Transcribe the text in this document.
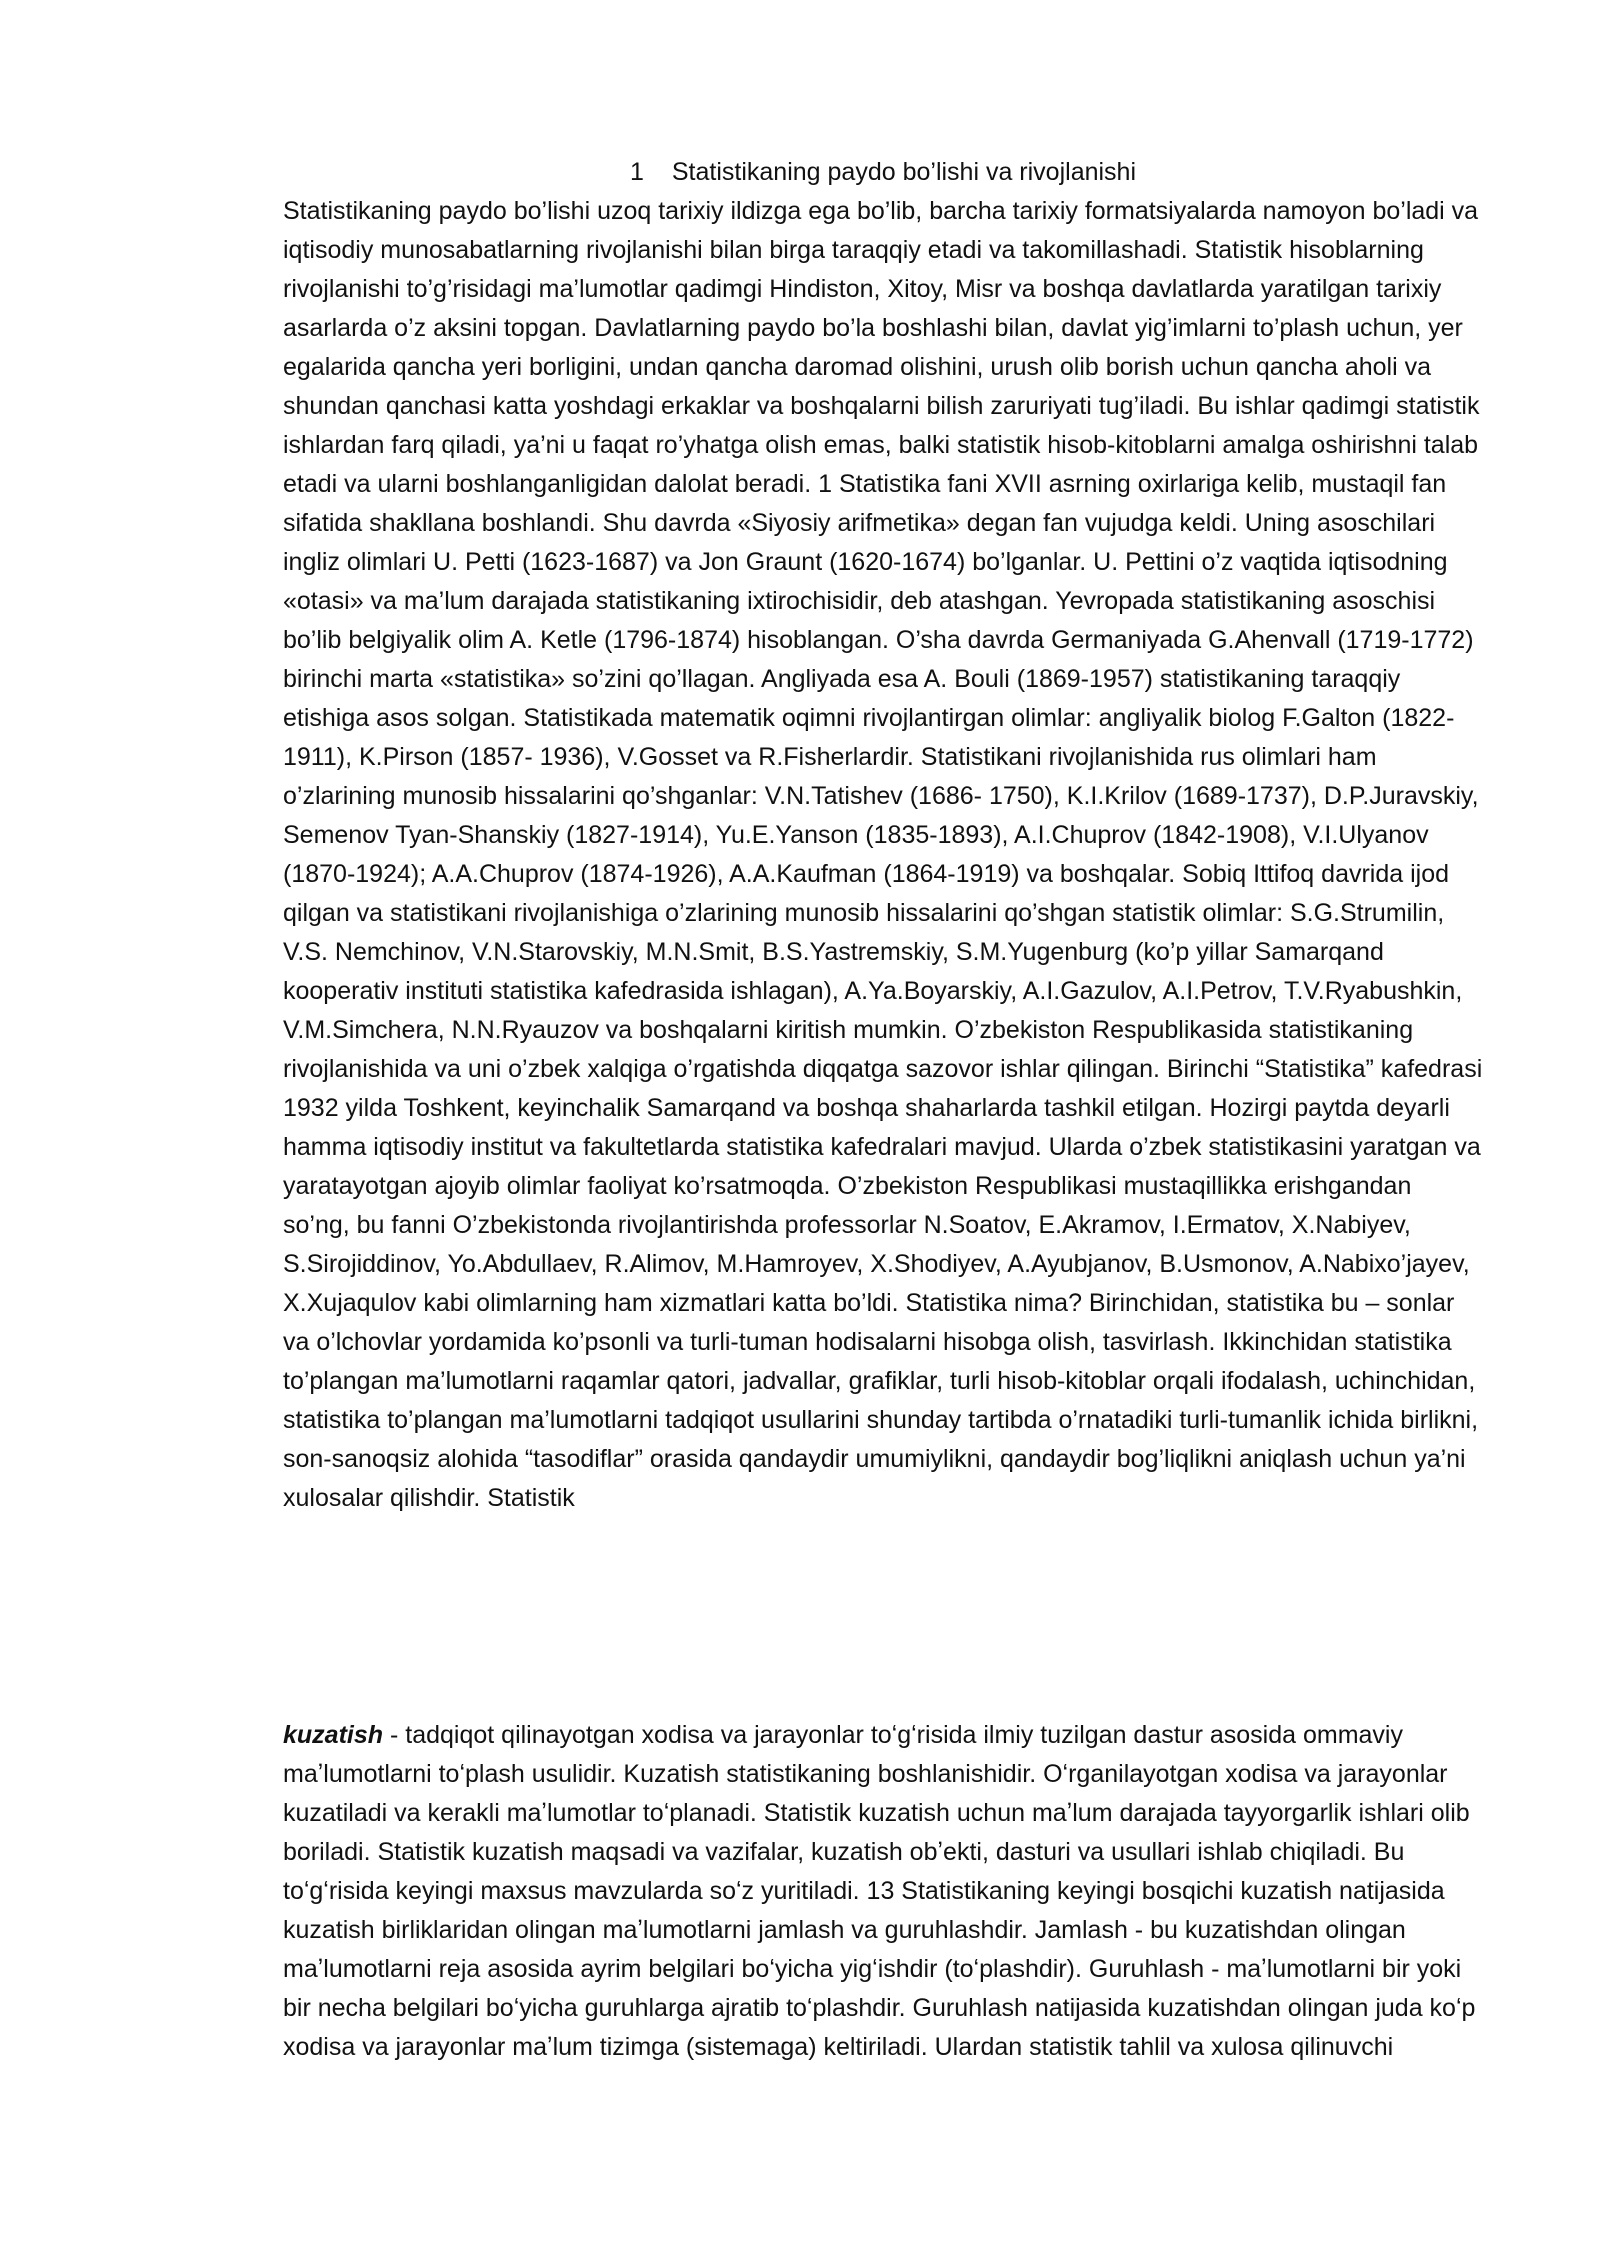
1 Statistikaning paydo bo’lishi va rivojlanishi

Statistikaning paydo bo’lishi uzoq tarixiy ildizga ega bo’lib, barcha tarixiy formatsiyalarda namoyon bo’ladi va iqtisodiy munosabatlarning rivojlanishi bilan birga taraqqiy etadi va takomillashadi. Statistik hisoblarning rivojlanishi to’g’risidagi ma’lumotlar qadimgi Hindiston, Xitoy, Misr va boshqa davlatlarda yaratilgan tarixiy asarlarda o’z aksini topgan. Davlatlarning paydo bo’la boshlashi bilan, davlat yig’imlarni to’plash uchun, yer egalarida qancha yeri borligini, undan qancha daromad olishini, urush olib borish uchun qancha aholi va shundan qanchasi katta yoshdagi erkaklar va boshqalarni bilish zaruriyati tug’iladi. Bu ishlar qadimgi statistik ishlardan farq qiladi, ya’ni u faqat ro’yhatga olish emas, balki statistik hisob-kitoblarni amalga oshirishni talab etadi va ularni boshlanganligidan dalolat beradi. 1 Statistika fani XVII asrning oxirlariga kelib, mustaqil fan sifatida shakllana boshlandi. Shu davrda «Siyosiy arifmetika» degan fan vujudga keldi. Uning asoschilari ingliz olimlari U. Petti (1623-1687) va Jon Graunt (1620-1674) bo’lganlar. U. Pettini o’z vaqtida iqtisodning «otasi» va ma’lum darajada statistikaning ixtirochisidir, deb atashgan. Yevropada statistikaning asoschisi bo’lib belgiyalik olim A. Ketle (1796-1874) hisoblangan. O’sha davrda Germaniyada G.Ahenvall (1719-1772) birinchi marta «statistika» so’zini qo’llagan. Angliyada esa A. Bouli (1869-1957) statistikaning taraqqiy etishiga asos solgan. Statistikada matematik oqimni rivojlantirgan olimlar: angliyalik biolog F.Galton (1822-1911), K.Pirson (1857- 1936), V.Gosset va R.Fisherlardir. Statistikani rivojlanishida rus olimlari ham o’zlarining munosib hissalarini qo’shganlar: V.N.Tatishev (1686- 1750), K.I.Krilov (1689-1737), D.P.Juravskiy, Semenov Tyan-Shanskiy (1827-1914), Yu.E.Yanson (1835-1893), A.I.Chuprov (1842-1908), V.I.Ulyanov (1870-1924); A.A.Chuprov (1874-1926), A.A.Kaufman (1864-1919) va boshqalar. Sobiq Ittifoq davrida ijod qilgan va statistikani rivojlanishiga o’zlarining munosib hissalarini qo’shgan statistik olimlar: S.G.Strumilin, V.S. Nemchinov, V.N.Starovskiy, M.N.Smit, B.S.Yastremskiy, S.M.Yugenburg (ko’p yillar Samarqand kooperativ instituti statistika kafedrasida ishlagan), A.Ya.Boyarskiy, A.I.Gazulov, A.I.Petrov, T.V.Ryabushkin, V.M.Simchera, N.N.Ryauzov va boshqalarni kiritish mumkin. O’zbekiston Respublikasida statistikaning rivojlanishida va uni o’zbek xalqiga o’rgatishda diqqatga sazovor ishlar qilingan. Birinchi “Statistika” kafedrasi 1932 yilda Toshkent, keyinchalik Samarqand va boshqa shaharlarda tashkil etilgan. Hozirgi paytda deyarli hamma iqtisodiy institut va fakultetlarda statistika kafedralari mavjud. Ularda o’zbek statistikasini yaratgan va yaratayotgan ajoyib olimlar faoliyat ko’rsatmoqda. O’zbekiston Respublikasi mustaqillikka erishgandan so’ng, bu fanni O’zbekistonda rivojlantirishda professorlar N.Soatov, E.Akramov, I.Ermatov, X.Nabiyev, S.Sirojiddinov, Yo.Abdullaev, R.Alimov, M.Hamroyev, X.Shodiyev, A.Ayubjanov, B.Usmonov, A.Nabixo’jayev, X.Xujaqulov kabi olimlarning ham xizmatlari katta bo’ldi. Statistika nima? Birinchidan, statistika bu – sonlar va o’lchovlar yordamida ko’psonli va turli-tuman hodisalarni hisobga olish, tasvirlash. Ikkinchidan statistika to’plangan ma’lumotlarni raqamlar qatori, jadvallar, grafiklar, turli hisob-kitoblar orqali ifodalash, uchinchidan, statistika to’plangan ma’lumotlarni tadqiqot usullarini shunday tartibda o’rnatadiki turli-tumanlik ichida birlikni, son-sanoqsiz alohida “tasodiflar” orasida qandaydir umumiylikni, qandaydir bog’liqlikni aniqlash uchun ya’ni xulosalar qilishdir. Statistik

kuzatish - tadqiqot qilinayotgan xodisa va jarayonlar toʻgʻrisida ilmiy tuzilgan dastur asosida ommaviy maʼlumotlarni toʻplash usulidir. Kuzatish statistikaning boshlanishidir. Oʻrganilayotgan xodisa va jarayonlar kuzatiladi va kerakli maʼlumotlar toʻplanadi. Statistik kuzatish uchun maʼlum darajada tayyorgarlik ishlari olib boriladi. Statistik kuzatish maqsadi va vazifalar, kuzatish obʼekti, dasturi va usullari ishlab chiqiladi. Bu toʻgʻrisida keyingi maxsus mavzularda soʻz yuritiladi. 13 Statistikaning keyingi bosqichi kuzatish natijasida kuzatish birliklaridan olingan maʼlumotlarni jamlash va guruhlashdir. Jamlash - bu kuzatishdan olingan maʼlumotlarni reja asosida ayrim belgilari boʻyicha yigʻishdir (toʻplashdir). Guruhlash - maʼlumotlarni bir yoki bir necha belgilari boʻyicha guruhlarga ajratib toʻplashdir. Guruhlash natijasida kuzatishdan olingan juda koʻp xodisa va jarayonlar maʼlum tizimga (sistemaga) keltiriladi. Ulardan statistik tahlil va xulosa qilinuvchi
